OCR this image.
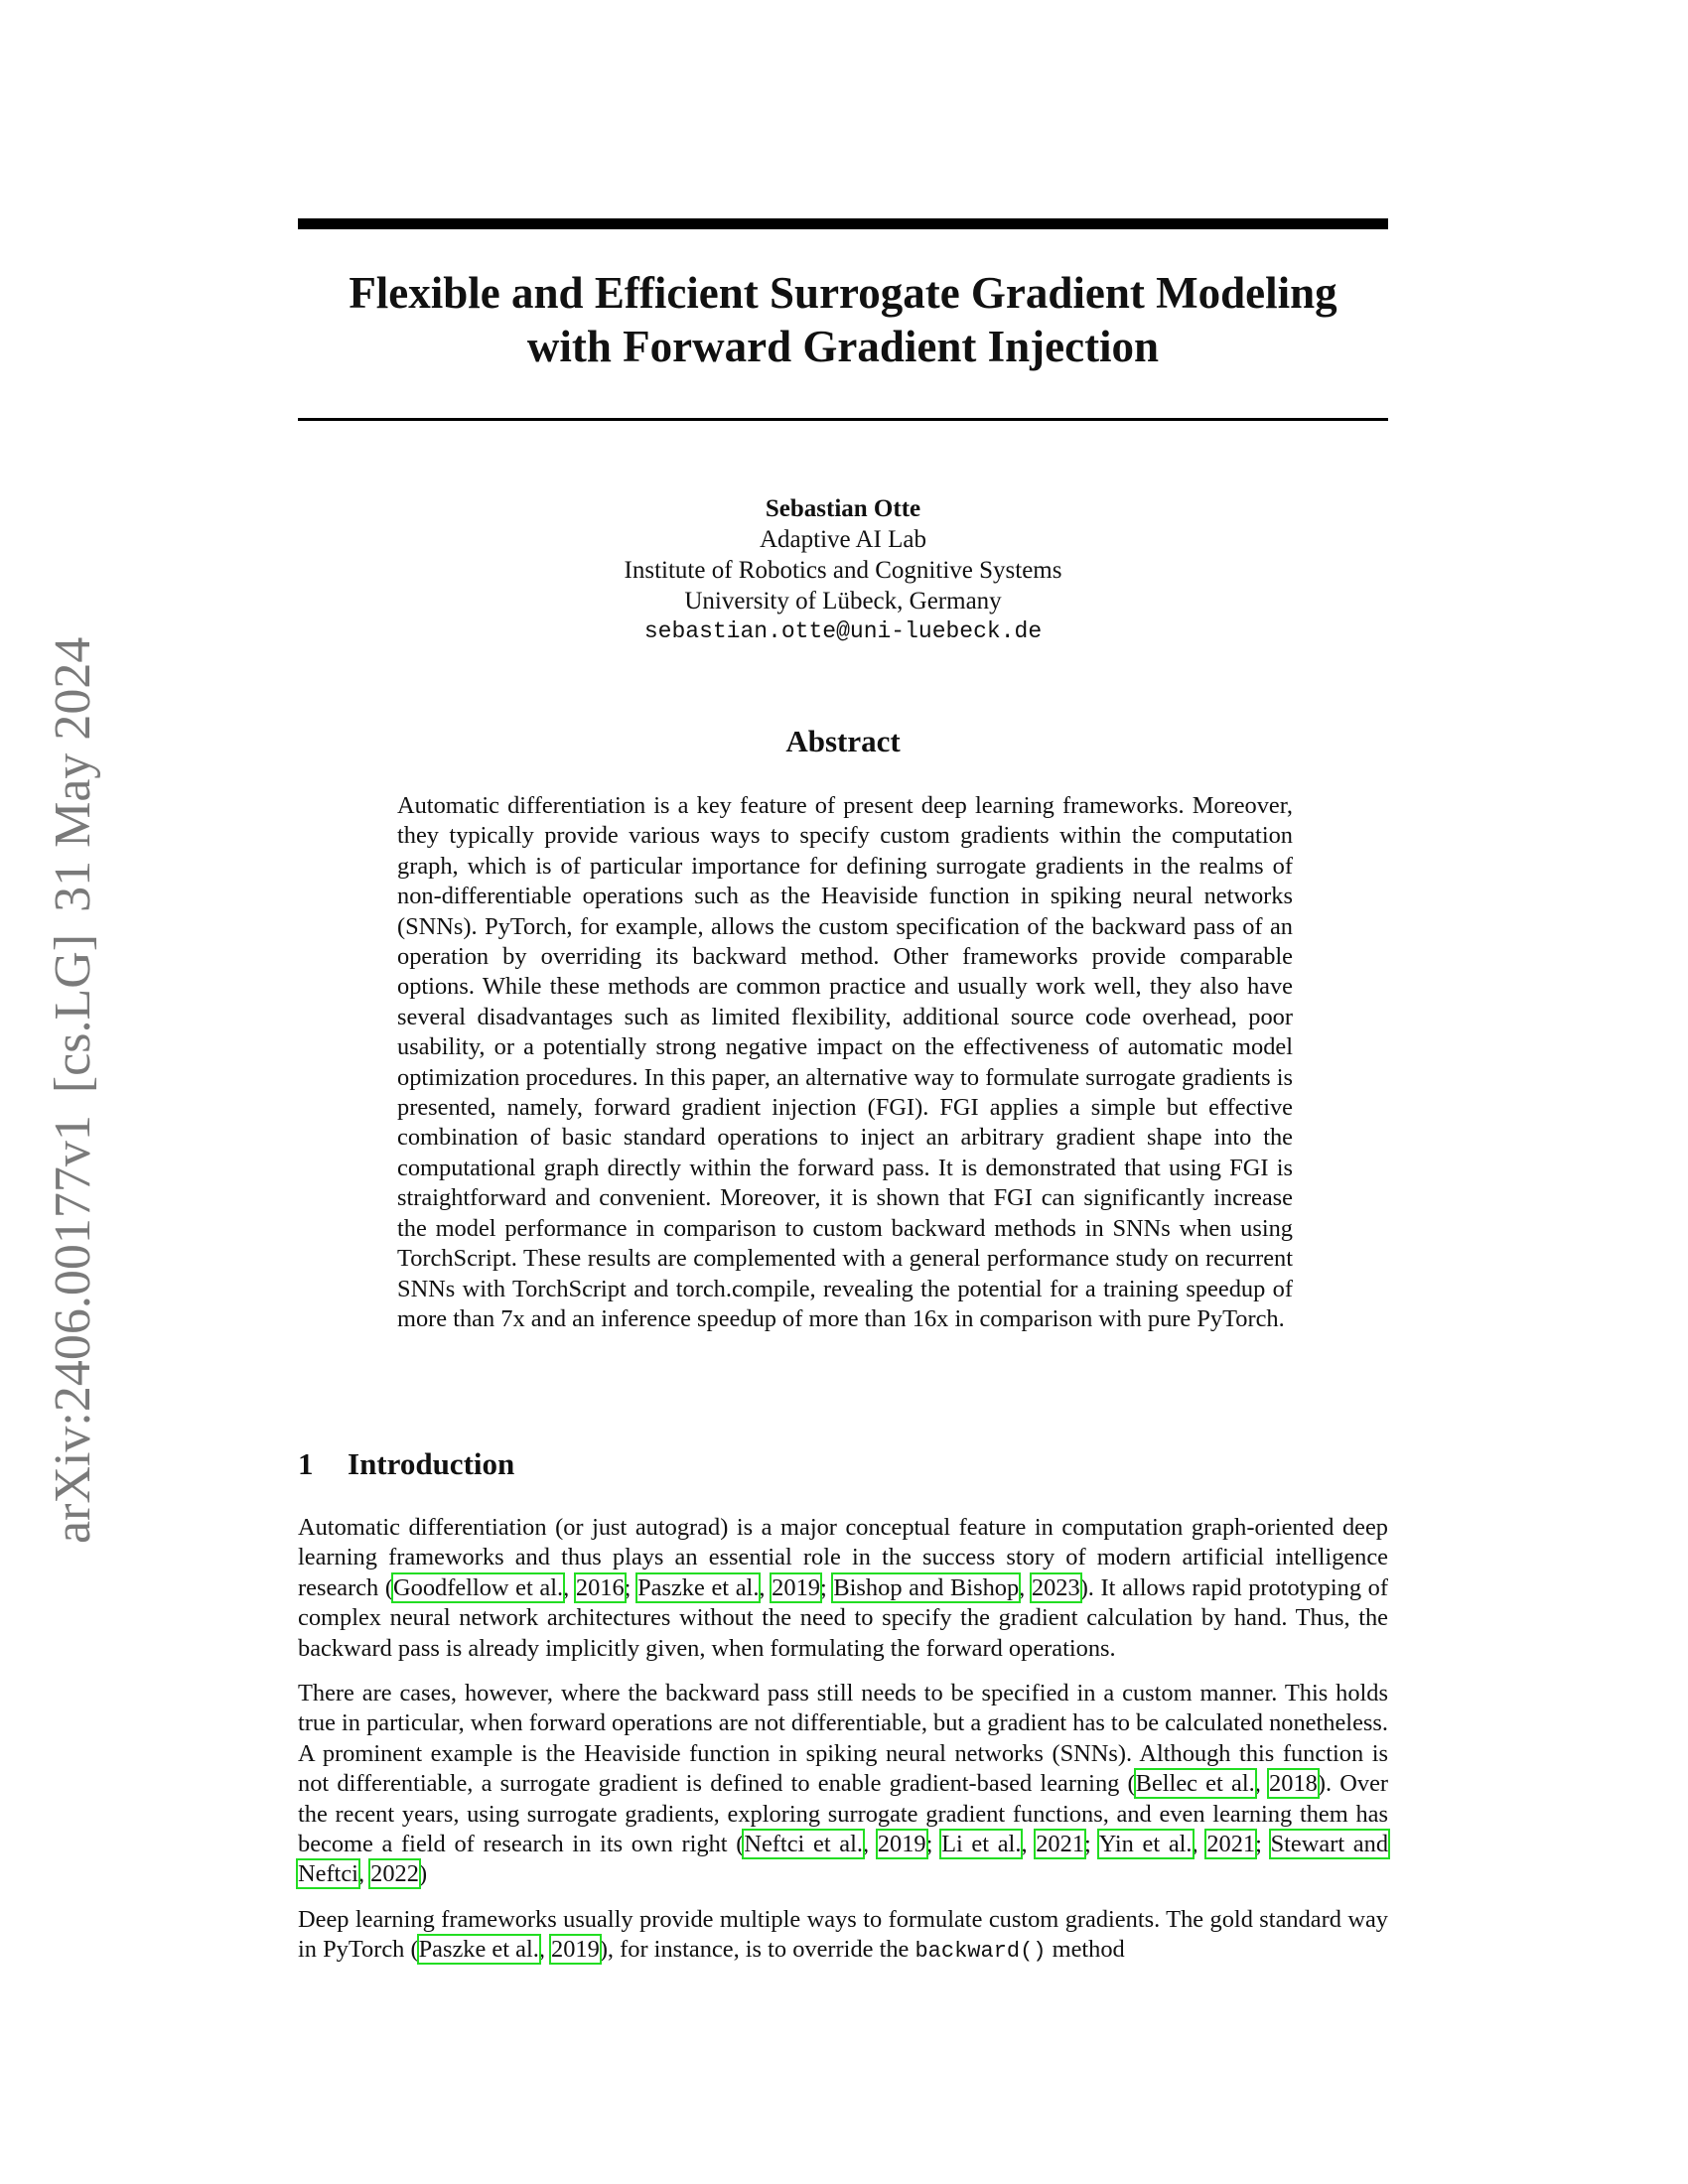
arXiv:2406.00177v1[cs.LG]31 May 2024
Flexible and Efficient Surrogate Gradient Modeling
with Forward Gradient Injection
Sebastian Otte
Adaptive AI Lab
Institute of Robotics and Cognitive Systems
University of Lübeck, Germany
sebastian.otte@uni-luebeck.de
Abstract
Automatic differentiation is a key feature of present deep learning frameworks. Moreover, they typically provide various ways to specify custom gradients within the computation graph, which is of particular importance for defining surrogate gradients in the realms of non-differentiable operations such as the Heaviside function in spiking neural networks (SNNs). PyTorch, for example, allows the custom specification of the backward pass of an operation by overriding its backward method. Other frameworks provide comparable options. While these methods are common practice and usually work well, they also have several disadvantages such as limited flexibility, additional source code overhead, poor usability, or a potentially strong negative impact on the effectiveness of automatic model optimization procedures. In this paper, an alternative way to formulate surrogate gradients is presented, namely, forward gradient injection (FGI). FGI applies a simple but effective combination of basic standard operations to inject an arbitrary gradient shape into the computational graph directly within the forward pass. It is demonstrated that using FGI is straightforward and convenient. Moreover, it is shown that FGI can significantly increase the model performance in comparison to custom backward methods in SNNs when using TorchScript. These results are complemented with a general performance study on recurrent SNNs with TorchScript and torch.compile, revealing the potential for a training speedup of more than 7x and an inference speedup of more than 16x in comparison with pure PyTorch.
1 Introduction

Automatic differentiation (or just autograd) is a major conceptual feature in computation graph-oriented deep learning frameworks and thus plays an essential role in the success story of modern artificial intelligence research (Goodfellow et al., 2016; Paszke et al., 2019; Bishop and Bishop, 2023). It allows rapid prototyping of complex neural network architectures without the need to specify the gradient calculation by hand. Thus, the backward pass is already implicitly given, when formulating the forward operations.

There are cases, however, where the backward pass still needs to be specified in a custom manner. This holds true in particular, when forward operations are not differentiable, but a gradient has to be calculated nonetheless. A prominent example is the Heaviside function in spiking neural networks (SNNs). Although this function is not differentiable, a surrogate gradient is defined to enable gradient-based learning (Bellec et al., 2018). Over the recent years, using surrogate gradients, exploring surrogate gradient functions, and even learning them has become a field of research in its own right (Neftci et al., 2019; Li et al., 2021; Yin et al., 2021; Stewart and Neftci, 2022)

Deep learning frameworks usually provide multiple ways to formulate custom gradients. The gold standard way in PyTorch (Paszke et al., 2019), for instance, is to override the backward() method
